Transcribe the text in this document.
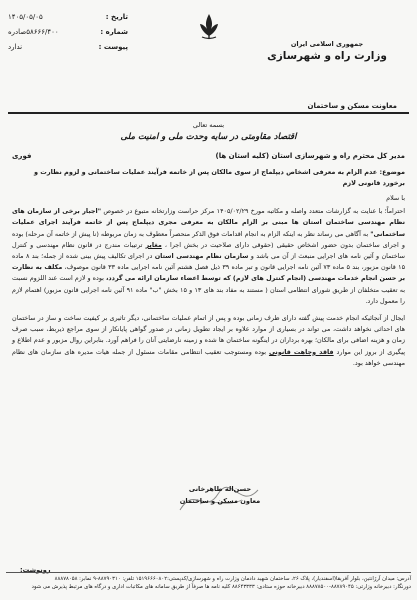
تاریخ :
۱۴۰۵/۰۵/۰۵
شماره :
۵۸۶۶۶/۴۰۰صادره
پیوست :
ندارد	جمهوری اسلامی ایران
وزارت راه و شهرسازی
معاونت مسکن و ساختمان
بسمه تعالی
اقتصاد مقاومتی در سایه وحدت ملی و امنیت ملی
مدیر کل محترم راه و شهرسازی استان (کلیه استان ها)
فوری
موضوع: عدم الزام به معرفی اشخاص دیپلماج از سوی مالکان پس از خاتمه فرآیند عملیات ساختمانی و لزوم نظارت و برخورد قانونی لازم
با سلام
احتراماً؛ با عنایت به گزارشات متعدد واصله و مکاتبه مورخ ۱۴۰۵/۰۲/۲۹ مرکز حراست وزارتخانه متبوع در خصوص "اجبار برخی از سازمان های نظام مهندسی ساختمان استان ها مبنی بر الزام مالکان به معرفی مجری دیپلماج پس از خاتمه فرآیند اجرای عملیات ساختمانی" به آگاهی می رساند نظر به اینکه الزام به انجام اقدامات فوق الذکر منحصراً معطوف به زمان مربوطه (نا پیش از خاتمه آن مرحله) بوده و اجرای ساختمان بدون حضور اشخاص حقیقی (حقوقی دارای صلاحیت در بخش اجرا ، مغایر ترتیبات مندرج در قانون نظام مهندسی و کنترل ساختمان و آئین نامه های اجرایی منبعث از آن می باشد و سازمان نظام مهندسی استان در اجرای تکالیف پیش بینی شده از جمله؛ بند ۸ ماده ۱۵ قانون مزبور، بند ۵ ماده ۷۳ آئین نامه اجرایی قانون و تبر ماده ۳۹ ذیل فصل هشتم آئین نامه اجرایی ماده ۳۳ قانون موصوف، مکلف به نظارت بر حسن انجام خدمات مهندسی (انجام کنترل های لازم) که توسط اعضاء سازمان ارائه می گردد، بوده و لازم است عند اللزوم نسبت به تعقیب متخلفان از طریق شورای انتظامی استان ( مستند به مفاد بند های ۱۳ و ۱۵ بخش "ب" ماده ۹۱ آئین نامه اجرایی قانون مزبور) اهتمام لازم را معمول دارد.
ایجال از آنجائیکه انجام خدمت پیش گفته دارای ظرف زمانی بوده و پس از اتمام عملیات ساختمانی، دیگر تاثیری بر کیفیت ساخت و ساز در ساختمان های احداثی نخواهد داشت، می تواند در بسیاری از موارد علاوه بر ایجاد تطویل زمانی در صدور گواهی پایانکار از سوی مراجع ذیربط، سبب صرف زمان و هزینه اضافی برای مالکان؛ بهره برداران در اینگونه ساختمان ها شده و زمینه نارضایتی آنان را فراهم آورد. بنابراین روال مزبور و عدم اطلاع و پیگیری از بروز این موارد فاقد وجاهت قانونی بوده ومستوجب تعقیب انتظامی مقامات مسئول از جمله هیات مدیره های سازمان های نظام مهندسی خواهد بود.
حسن‌اله طاهرخانی
معاون مسکن و ساختمان
رونوشت:
آدرس: میدان آرژانتین، بلوار آفریقا(اسفندیار)، پلاک ۲۶، ساختمان شهید دادمان وزارت راه و شهرسازی/کدپستی:۱۵۱۹۶۶۶۰۸۰۲ تلفن: ۸۸۷۹۰۳۱۰-۹ نمابر: ۸۸۸۷۸۰۵۸
دورنگار: دبیرخانه وزارتی: ۸۸۷۸۹۰۴۵-۸۸۸۷۸۵۰۰ دبیرخانه حوزه ستادی: ۸۸۶۴۳۳۳۳ کلیه نامه ها صرفاً از طریق سامانه های مکاتبات اداری و درگاه های مرتبط پذیرش می شود
